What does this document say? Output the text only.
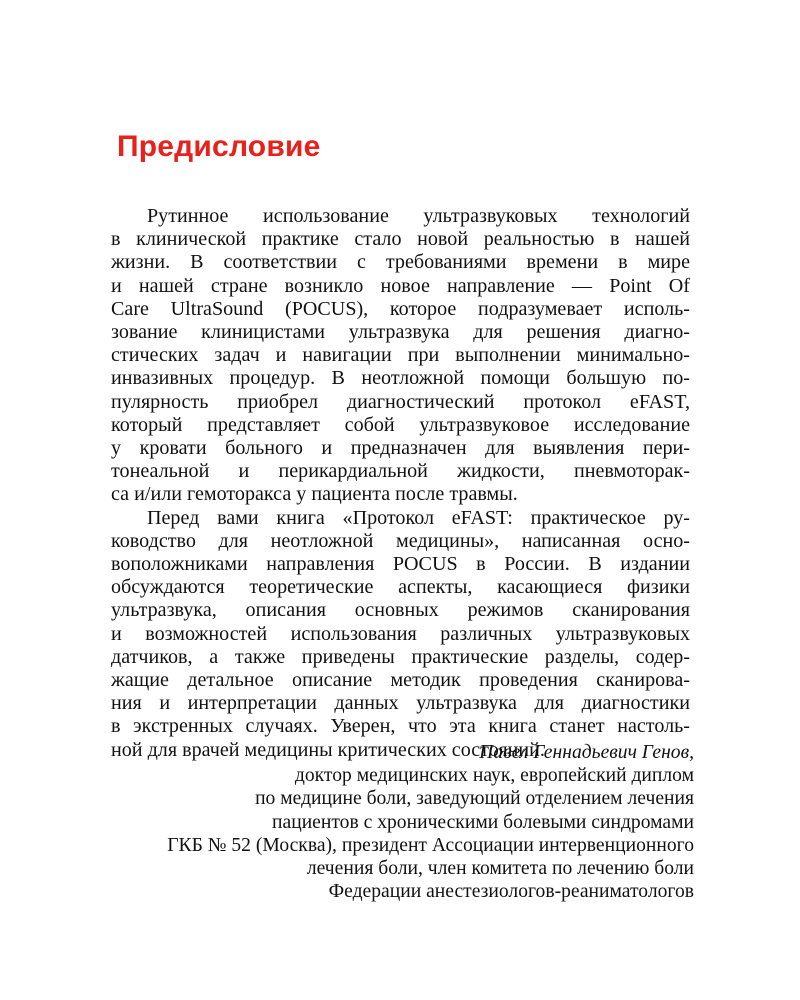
Предисловие
Рутинное использование ультразвуковых технологий
в клинической практике стало новой реальностью в нашей
жизни. В соответствии с требованиями времени в мире
и нашей стране возникло новое направление — Point Of
Care UltraSound (POCUS), которое подразумевает исполь-
зование клиницистами ультразвука для решения диагно-
стических задач и навигации при выполнении минимально-
инвазивных процедур. В неотложной помощи большую по-
пулярность приобрел диагностический протокол eFAST,
который представляет собой ультразвуковое исследование
у кровати больного и предназначен для выявления пери-
тонеальной и перикардиальной жидкости, пневмоторак-
са и/или гемоторакса у пациента после травмы.
Перед вами книга «Протокол eFAST: практическое ру-
ководство для неотложной медицины», написанная осно-
воположниками направления POCUS в России. В издании
обсуждаются теоретические аспекты, касающиеся физики
ультразвука, описания основных режимов сканирования
и возможностей использования различных ультразвуковых
датчиков, а также приведены практические разделы, содер-
жащие детальное описание методик проведения сканирова-
ния и интерпретации данных ультразвука для диагностики
в экстренных случаях. Уверен, что эта книга станет настоль-
ной для врачей медицины критических состояний.
Павел Геннадьевич Генов,
доктор медицинских наук, европейский диплом
по медицине боли, заведующий отделением лечения
пациентов с хроническими болевыми синдромами
ГКБ № 52 (Москва), президент Ассоциации интервенционного
лечения боли, член комитета по лечению боли
Федерации анестезиологов-реаниматологов
